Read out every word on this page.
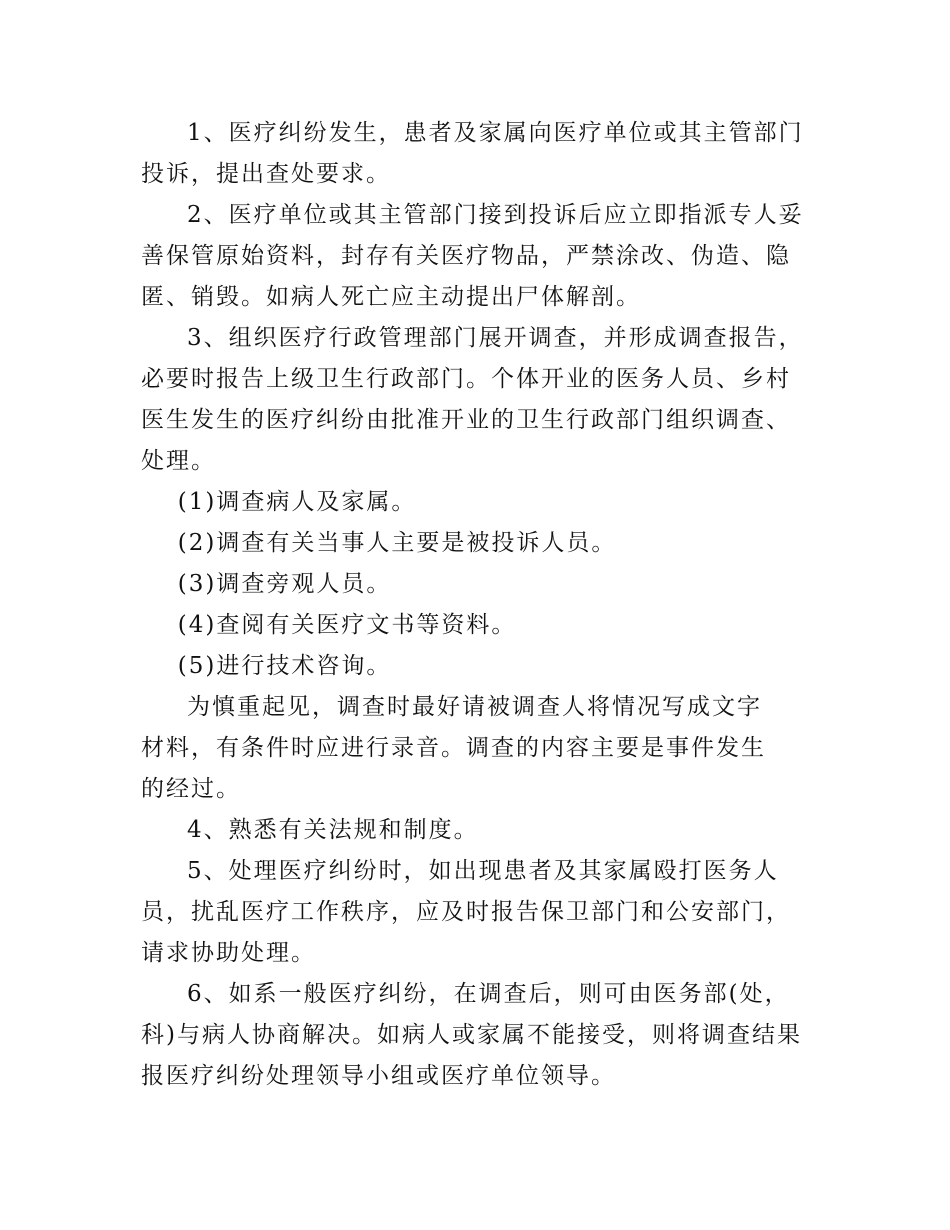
1、医疗纠纷发生，患者及家属向医疗单位或其主管部门投诉，提出查处要求。

2、医疗单位或其主管部门接到投诉后应立即指派专人妥善保管原始资料，封存有关医疗物品，严禁涂改、伪造、隐匿、销毁。如病人死亡应主动提出尸体解剖。

3、组织医疗行政管理部门展开调查，并形成调查报告，必要时报告上级卫生行政部门。个体开业的医务人员、乡村医生发生的医疗纠纷由批准开业的卫生行政部门组织调查、处理。

(1)调查病人及家属。

(2)调查有关当事人主要是被投诉人员。

(3)调查旁观人员。

(4)查阅有关医疗文书等资料。

(5)进行技术咨询。

为慎重起见，调查时最好请被调查人将情况写成文字材料，有条件时应进行录音。调查的内容主要是事件发生的经过。

4、熟悉有关法规和制度。

5、处理医疗纠纷时，如出现患者及其家属殴打医务人员，扰乱医疗工作秩序，应及时报告保卫部门和公安部门，请求协助处理。

6、如系一般医疗纠纷，在调查后，则可由医务部(处，科)与病人协商解决。如病人或家属不能接受，则将调查结果报医疗纠纷处理领导小组或医疗单位领导。
